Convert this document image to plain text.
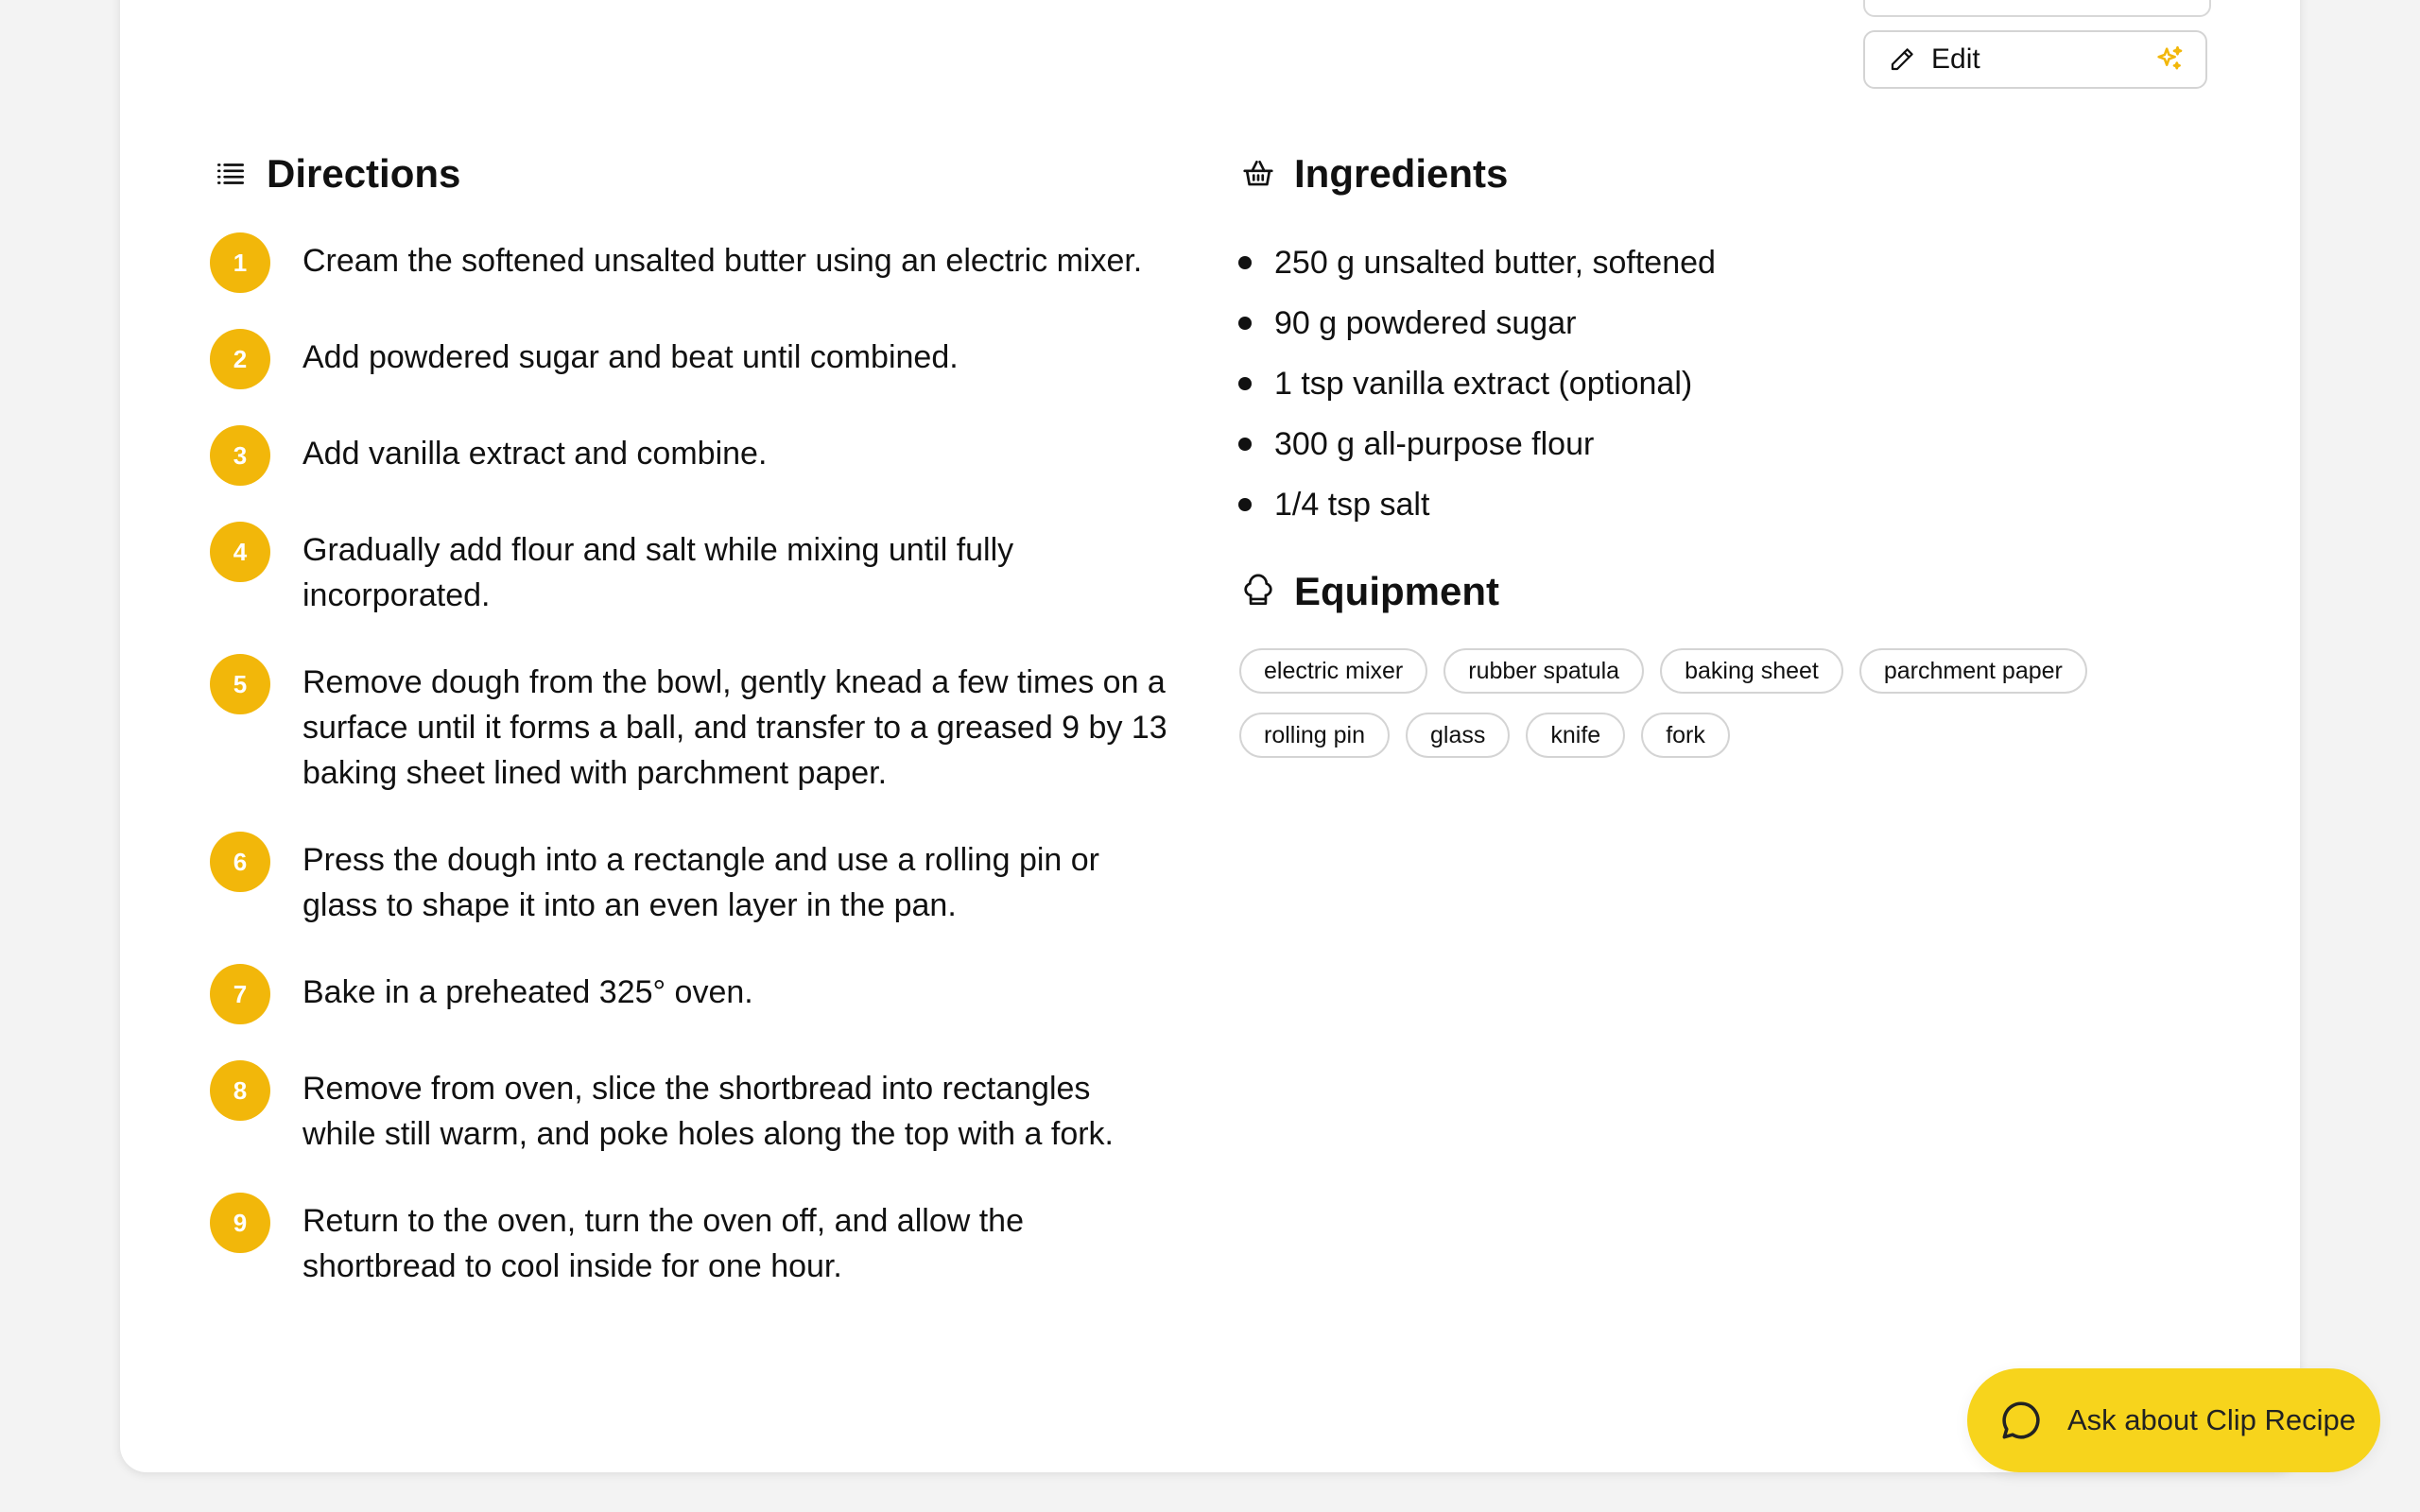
Edit
Directions
1	Cream the softened unsalted butter using an electric mixer.
2	Add powdered sugar and beat until combined.
3	Add vanilla extract and combine.
4	Gradually add flour and salt while mixing until fully incorporated.
5	Remove dough from the bowl, gently knead a few times on a surface until it forms a ball, and transfer to a greased 9 by 13 baking sheet lined with parchment paper.
6	Press the dough into a rectangle and use a rolling pin or glass to shape it into an even layer in the pan.
7	Bake in a preheated 325° oven.
8	Remove from oven, slice the shortbread into rectangles while still warm, and poke holes along the top with a fork.
9	Return to the oven, turn the oven off, and allow the shortbread to cool inside for one hour.
Ingredients
250 g unsalted butter, softened
90 g powdered sugar
1 tsp vanilla extract (optional)
300 g all-purpose flour
1/4 tsp salt
Equipment
electric mixer	rubber spatula	baking sheet	parchment paper
rolling pin	glass	knife	fork
Ask about Clip Recipe
